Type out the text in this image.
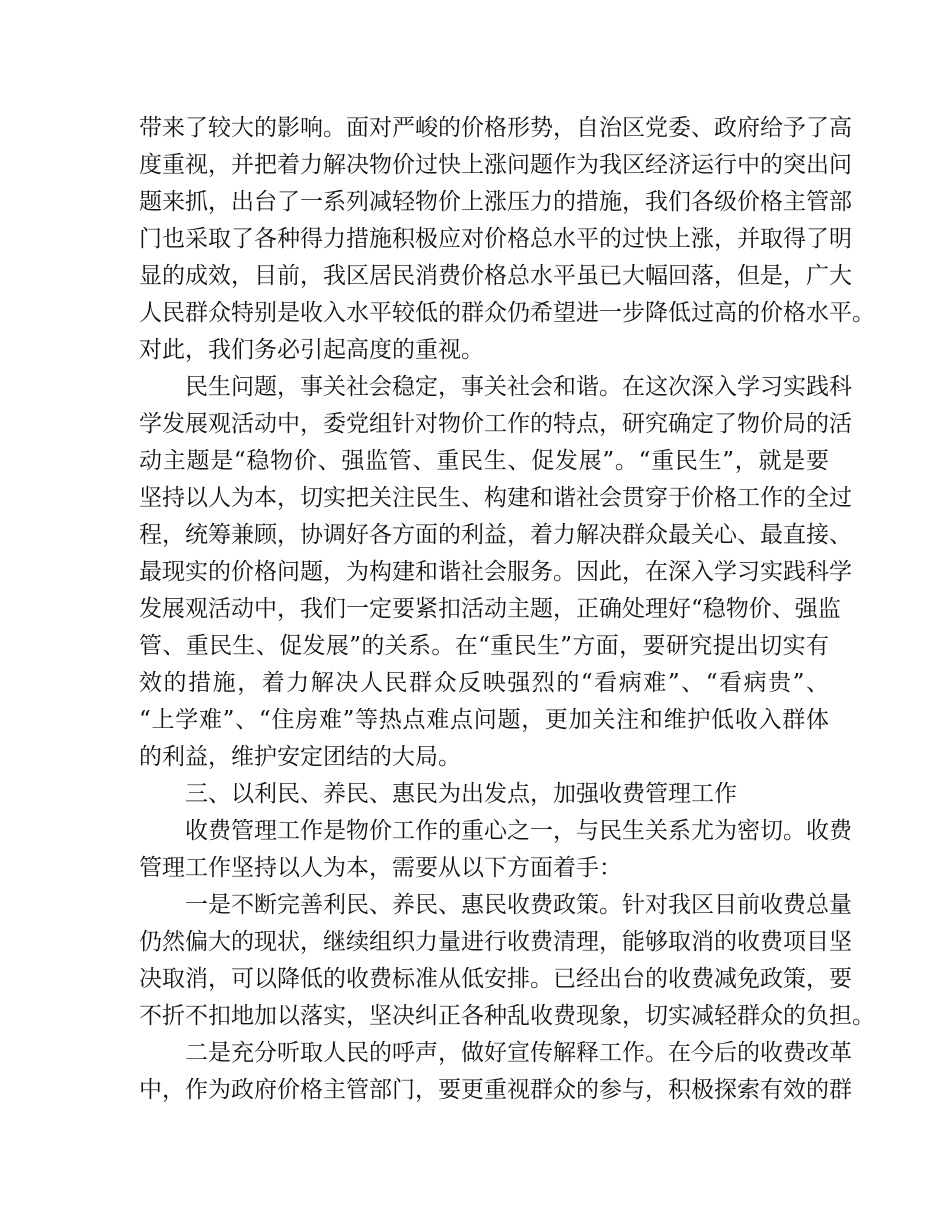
带来了较大的影响。面对严峻的价格形势，自治区党委、政府给予了高
度重视，并把着力解决物价过快上涨问题作为我区经济运行中的突出问
题来抓，出台了一系列减轻物价上涨压力的措施，我们各级价格主管部
门也采取了各种得力措施积极应对价格总水平的过快上涨，并取得了明
显的成效，目前，我区居民消费价格总水平虽已大幅回落，但是，广大
人民群众特别是收入水平较低的群众仍希望进一步降低过高的价格水平。
对此，我们务必引起高度的重视。
民生问题，事关社会稳定，事关社会和谐。在这次深入学习实践科
学发展观活动中，委党组针对物价工作的特点，研究确定了物价局的活
动主题是“稳物价、强监管、重民生、促发展”。“重民生”，就是要
坚持以人为本，切实把关注民生、构建和谐社会贯穿于价格工作的全过
程，统筹兼顾，协调好各方面的利益，着力解决群众最关心、最直接、
最现实的价格问题，为构建和谐社会服务。因此，在深入学习实践科学
发展观活动中，我们一定要紧扣活动主题，正确处理好“稳物价、强监
管、重民生、促发展”的关系。在“重民生”方面，要研究提出切实有
效的措施，着力解决人民群众反映强烈的“看病难”、“看病贵”、
“上学难”、“住房难”等热点难点问题，更加关注和维护低收入群体
的利益，维护安定团结的大局。
三、以利民、养民、惠民为出发点，加强收费管理工作
收费管理工作是物价工作的重心之一，与民生关系尤为密切。收费
管理工作坚持以人为本，需要从以下方面着手：
一是不断完善利民、养民、惠民收费政策。针对我区目前收费总量
仍然偏大的现状，继续组织力量进行收费清理，能够取消的收费项目坚
决取消，可以降低的收费标准从低安排。已经出台的收费减免政策，要
不折不扣地加以落实，坚决纠正各种乱收费现象，切实减轻群众的负担。
二是充分听取人民的呼声，做好宣传解释工作。在今后的收费改革
中，作为政府价格主管部门，要更重视群众的参与，积极探索有效的群
